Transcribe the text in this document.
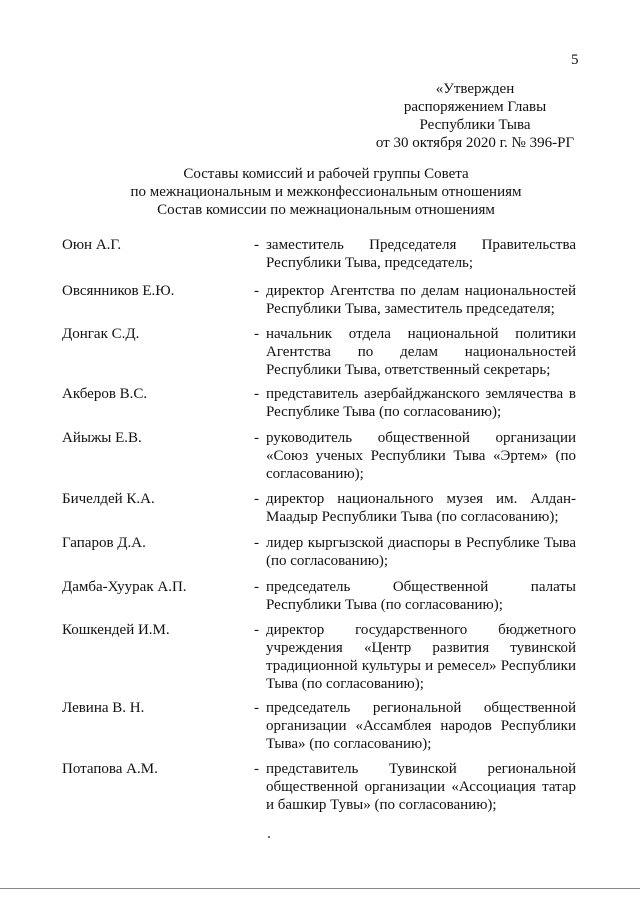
5
«Утвержден
распоряжением Главы
Республики Тыва
от 30 октября 2020 г. № 396-РГ
Составы комиссий и рабочей группы Совета
по межнациональным и межконфессиональным отношениям
Состав комиссии по межнациональным отношениям
Оюн А.Г.	- заместитель Председателя Правительства Республики Тыва, председатель;
Овсянников Е.Ю.	- директор Агентства по делам национальностей Республики Тыва, заместитель председателя;
Донгак С.Д.	- начальник отдела национальной политики Агентства по делам национальностей Республики Тыва, ответственный секретарь;
Акберов В.С.	- представитель азербайджанского землячества в Республике Тыва (по согласованию);
Айыжы Е.В.	- руководитель общественной организации «Союз ученых Республики Тыва «Эртем» (по согласованию);
Бичелдей К.А.	- директор национального музея им. Алдан-Маадыр Республики Тыва (по согласованию);
Гапаров Д.А.	- лидер кыргызской диаспоры в Республике Тыва (по согласованию);
Дамба-Хуурак А.П.	- председатель Общественной палаты Республики Тыва (по согласованию);
Кошкендей И.М.	- директор государственного бюджетного учреждения «Центр развития тувинской традиционной культуры и ремесел» Республики Тыва (по согласованию);
Левина В. Н.	- председатель региональной общественной организации «Ассамблея народов Республики Тыва» (по согласованию);
Потапова А.М.	- представитель Тувинской региональной общественной организации «Ассоциация татар и башкир Тувы» (по согласованию);
